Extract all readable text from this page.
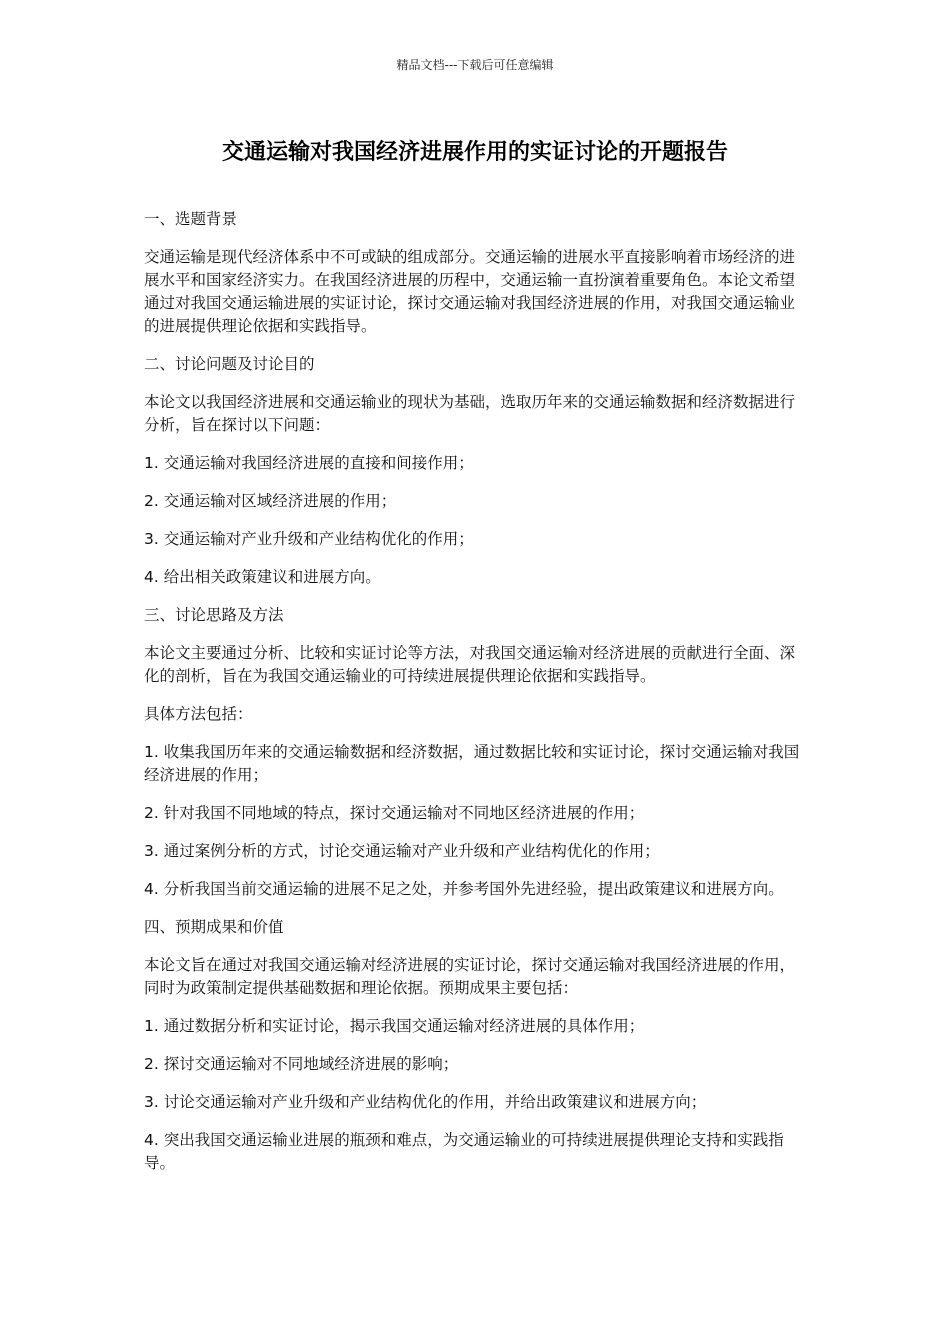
精品文档---下载后可任意编辑
交通运输对我国经济进展作用的实证讨论的开题报告

一、选题背景

交通运输是现代经济体系中不可或缺的组成部分。交通运输的进展水平直接影响着市场经济的进展水平和国家经济实力。在我国经济进展的历程中，交通运输一直扮演着重要角色。本论文希望通过对我国交通运输进展的实证讨论，探讨交通运输对我国经济进展的作用，对我国交通运输业的进展提供理论依据和实践指导。

二、讨论问题及讨论目的

本论文以我国经济进展和交通运输业的现状为基础，选取历年来的交通运输数据和经济数据进行分析，旨在探讨以下问题：

1. 交通运输对我国经济进展的直接和间接作用；

2. 交通运输对区域经济进展的作用；

3. 交通运输对产业升级和产业结构优化的作用；

4. 给出相关政策建议和进展方向。

三、讨论思路及方法

本论文主要通过分析、比较和实证讨论等方法，对我国交通运输对经济进展的贡献进行全面、深化的剖析，旨在为我国交通运输业的可持续进展提供理论依据和实践指导。

具体方法包括：

1. 收集我国历年来的交通运输数据和经济数据，通过数据比较和实证讨论，探讨交通运输对我国经济进展的作用；

2. 针对我国不同地域的特点，探讨交通运输对不同地区经济进展的作用；

3. 通过案例分析的方式，讨论交通运输对产业升级和产业结构优化的作用；

4. 分析我国当前交通运输的进展不足之处，并参考国外先进经验，提出政策建议和进展方向。

四、预期成果和价值

本论文旨在通过对我国交通运输对经济进展的实证讨论，探讨交通运输对我国经济进展的作用，同时为政策制定提供基础数据和理论依据。预期成果主要包括：

1. 通过数据分析和实证讨论，揭示我国交通运输对经济进展的具体作用；

2. 探讨交通运输对不同地域经济进展的影响；

3. 讨论交通运输对产业升级和产业结构优化的作用，并给出政策建议和进展方向；

4. 突出我国交通运输业进展的瓶颈和难点，为交通运输业的可持续进展提供理论支持和实践指导。
